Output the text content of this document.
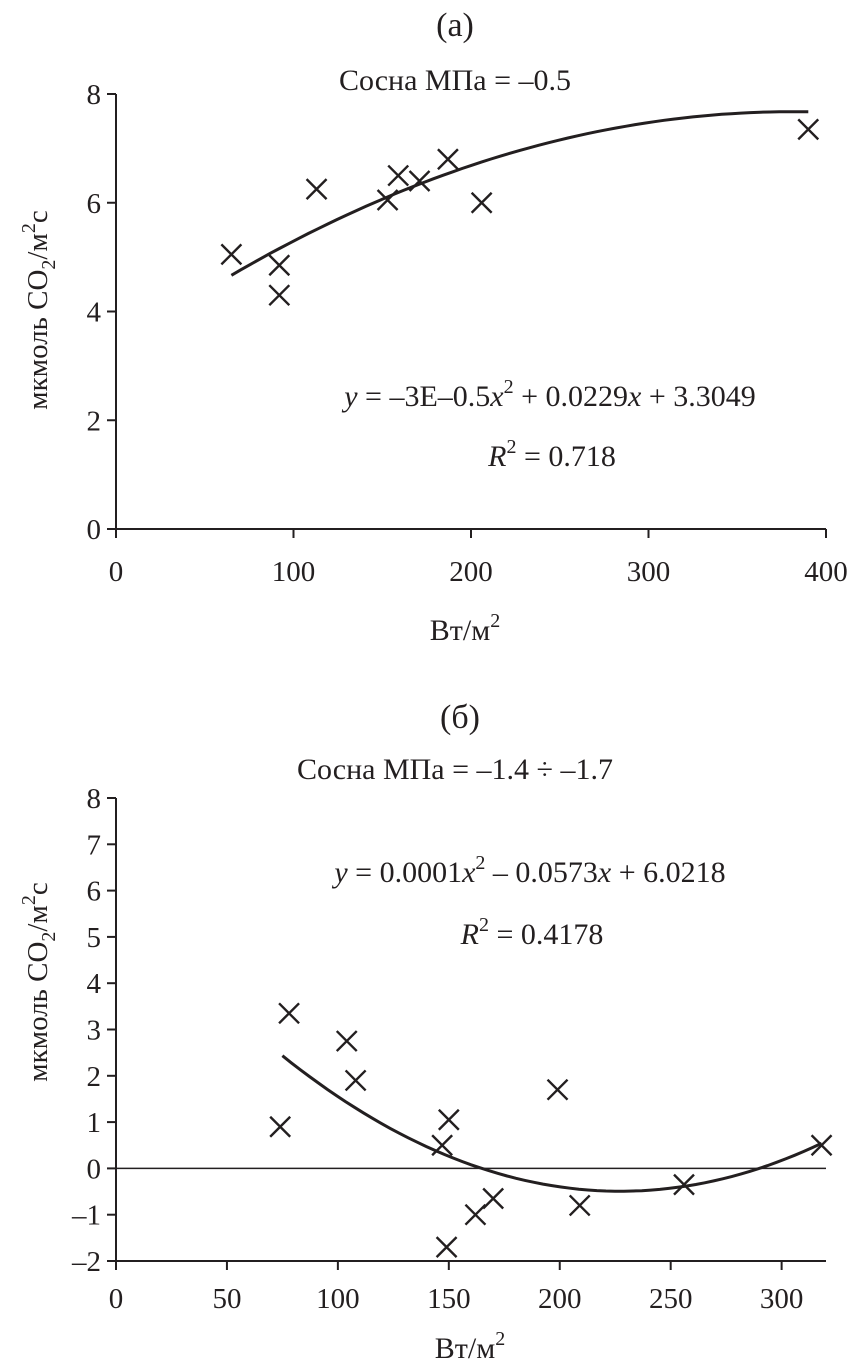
(a)
Сосна МПа = –0.5
мкмоль $CO_2/м^2с$
0
2
4
6
8
0	100	200	300	400
$y = -3E-0.5x^2 + 0.0229x + 3.3049$
$R^2 = 0.718$
$Вт/м^2$
(б)
Сосна МПа = –1.4 ÷ –1.7
мкмоль $CO_2/м^2с$
–2
–1
0
1
2
3
4
5
6
7
8
0	50	100 150 200 250 300
$y = 0.0001x^2 - 0.0573x + 6.0218$
$R^2 = 0.4178$
$Вт/м^2$
